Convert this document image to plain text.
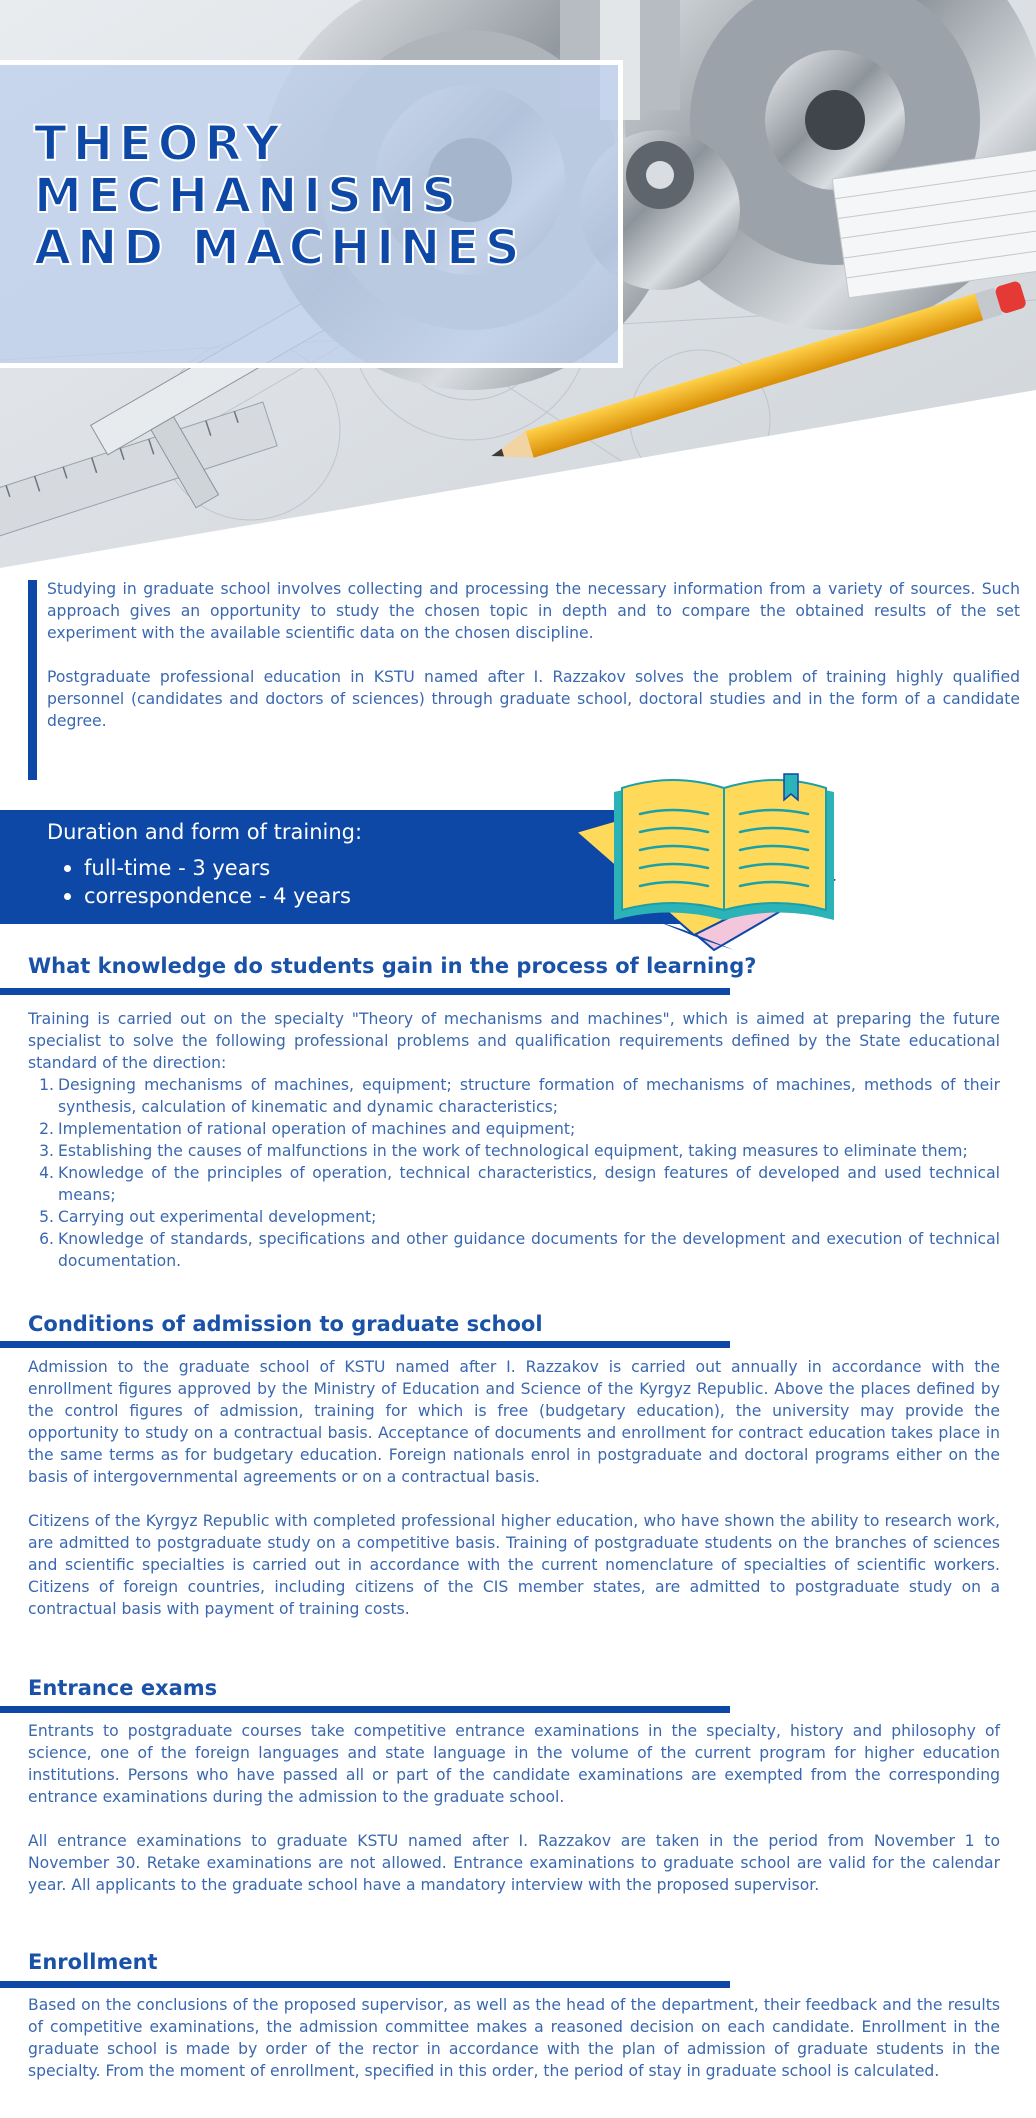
THEORY
MECHANISMS
AND MACHINES

Studying in graduate school involves collecting and processing the necessary information from a variety of sources. Such approach gives an opportunity to study the chosen topic in depth and to compare the obtained results of the set experiment with the available scientific data on the chosen discipline.

Postgraduate professional education in KSTU named after I. Razzakov solves the problem of training highly qualified personnel (candidates and doctors of sciences) through graduate school, doctoral studies and in the form of a candidate degree.

Duration and form of training:
full-time - 3 years
correspondence - 4 years
What knowledge do students gain in the process of learning?

Training is carried out on the specialty "Theory of mechanisms and machines", which is aimed at preparing the future specialist to solve the following professional problems and qualification requirements defined by the State educational standard of the direction:

1. Designing mechanisms of machines, equipment; structure formation of mechanisms of machines, methods of their synthesis, calculation of kinematic and dynamic characteristics;
2. Implementation of rational operation of machines and equipment;
3. Establishing the causes of malfunctions in the work of technological equipment, taking measures to eliminate them;
4. Knowledge of the principles of operation, technical characteristics, design features of developed and used technical means;
5. Carrying out experimental development;
6. Knowledge of standards, specifications and other guidance documents for the development and execution of technical documentation.
Conditions of admission to graduate school

Admission to the graduate school of KSTU named after I. Razzakov is carried out annually in accordance with the enrollment figures approved by the Ministry of Education and Science of the Kyrgyz Republic. Above the places defined by the control figures of admission, training for which is free (budgetary education), the university may provide the opportunity to study on a contractual basis. Acceptance of documents and enrollment for contract education takes place in the same terms as for budgetary education. Foreign nationals enrol in postgraduate and doctoral programs either on the basis of intergovernmental agreements or on a contractual basis.

Citizens of the Kyrgyz Republic with completed professional higher education, who have shown the ability to research work, are admitted to postgraduate study on a competitive basis. Training of postgraduate students on the branches of sciences and scientific specialties is carried out in accordance with the current nomenclature of specialties of scientific workers. Citizens of foreign countries, including citizens of the CIS member states, are admitted to postgraduate study on a contractual basis with payment of training costs.

Entrance exams

Entrants to postgraduate courses take competitive entrance examinations in the specialty, history and philosophy of science, one of the foreign languages and state language in the volume of the current program for higher education institutions. Persons who have passed all or part of the candidate examinations are exempted from the corresponding entrance examinations during the admission to the graduate school.

All entrance examinations to graduate KSTU named after I. Razzakov are taken in the period from November 1 to November 30. Retake examinations are not allowed. Entrance examinations to graduate school are valid for the calendar year. All applicants to the graduate school have a mandatory interview with the proposed supervisor.

Enrollment

Based on the conclusions of the proposed supervisor, as well as the head of the department, their feedback and the results of competitive examinations, the admission committee makes a reasoned decision on each candidate. Enrollment in the graduate school is made by order of the rector in accordance with the plan of admission of graduate students in the specialty. From the moment of enrollment, specified in this order, the period of stay in graduate school is calculated.
